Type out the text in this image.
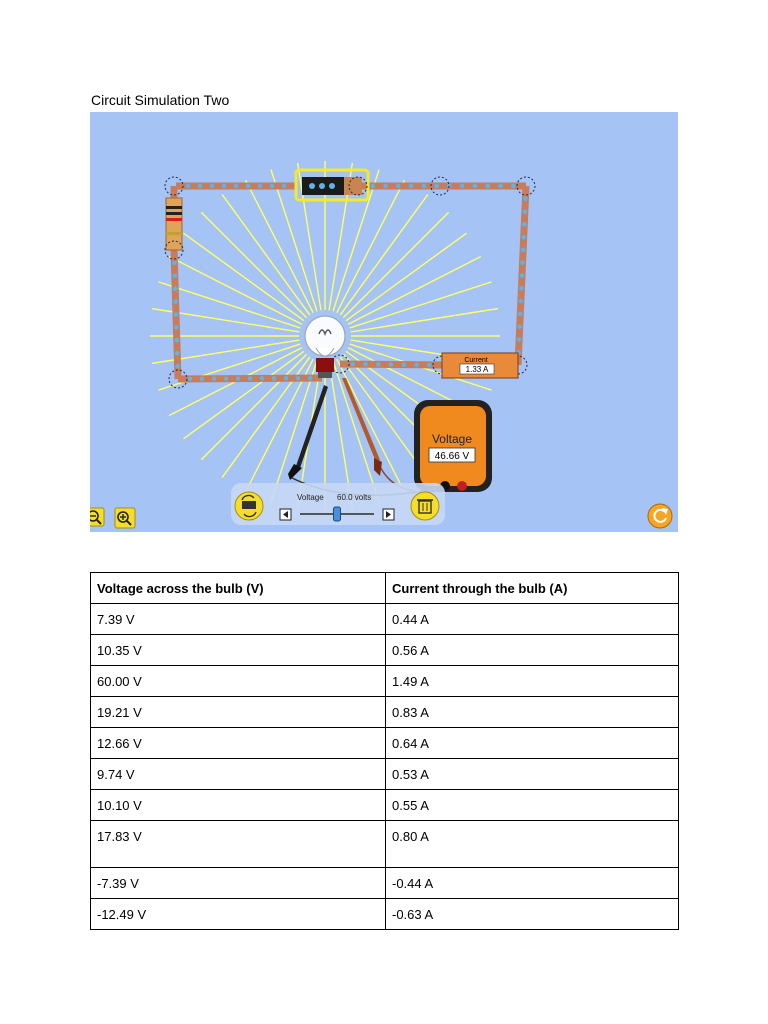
Circuit Simulation Two
Current
1.33 A
Voltage
46.66 V
Voltage 60.0 volts
Voltage across the bulb (V)	Current through the bulb (A)
7.39 V	0.44 A
10.35 V	0.56 A
60.00 V	1.49 A
19.21 V	0.83 A
12.66 V	0.64 A
9.74 V	0.53 A
10.10 V	0.55 A
17.83 V	0.80 A
-7.39 V	-0.44 A
-12.49 V	-0.63 A
